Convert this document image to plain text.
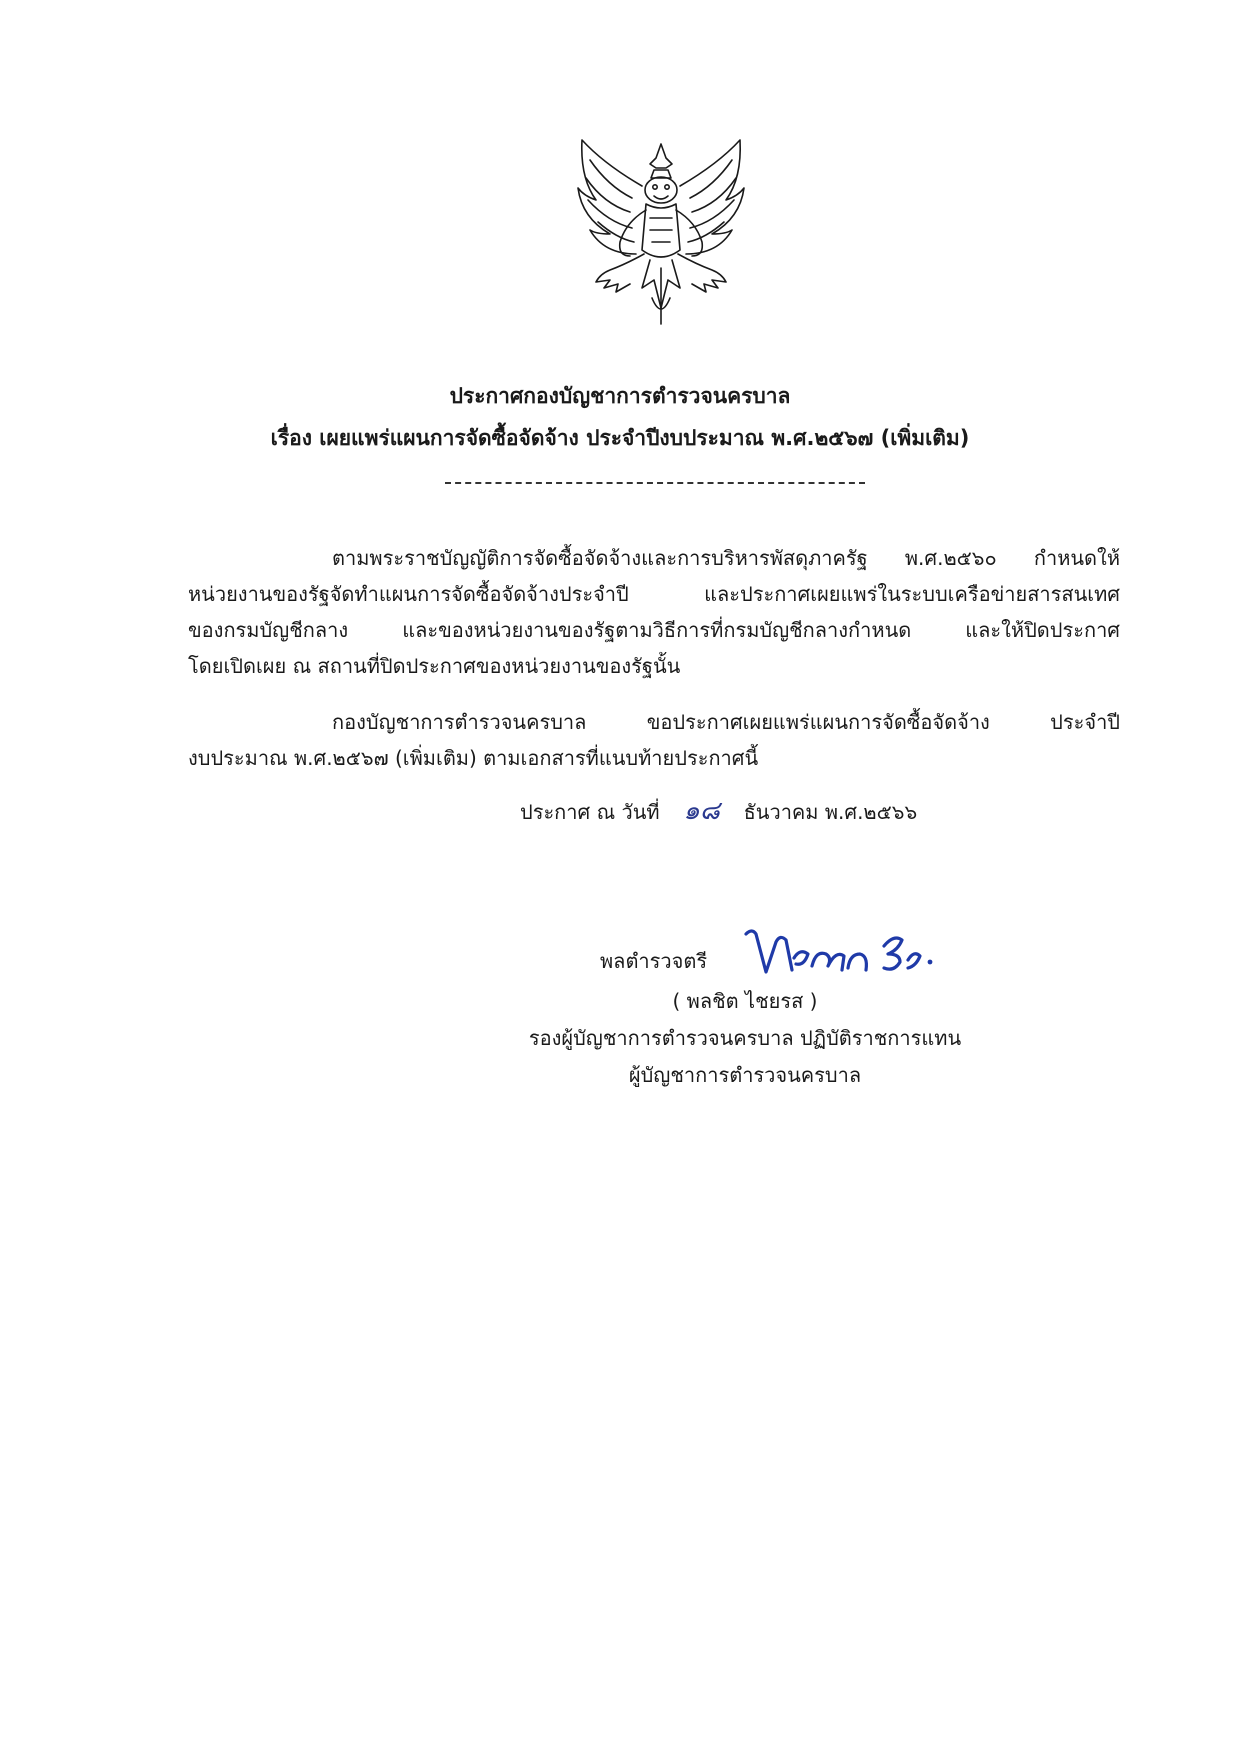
ประกาศกองบัญชาการตำรวจนครบาล
เรื่อง เผยแพร่แผนการจัดซื้อจัดจ้าง ประจำปีงบประมาณ พ.ศ.๒๕๖๗ (เพิ่มเติม)
ตามพระราชบัญญัติการจัดซื้อจัดจ้างและการบริหารพัสดุภาครัฐ พ.ศ.๒๕๖๐ กำหนดให้
หน่วยงานของรัฐจัดทำแผนการจัดซื้อจัดจ้างประจำปี และประกาศเผยแพร่ในระบบเครือข่ายสารสนเทศ
ของกรมบัญชีกลาง และของหน่วยงานของรัฐตามวิธีการที่กรมบัญชีกลางกำหนด และให้ปิดประกาศ
โดยเปิดเผย ณ สถานที่ปิดประกาศของหน่วยงานของรัฐนั้น
กองบัญชาการตำรวจนครบาล ขอประกาศเผยแพร่แผนการจัดซื้อจัดจ้าง ประจำปี
งบประมาณ พ.ศ.๒๕๖๗ (เพิ่มเติม) ตามเอกสารที่แนบท้ายประกาศนี้
ประกาศ ณ วันที่ ๑๘ ธันวาคม พ.ศ.๒๕๖๖
พลตำรวจตรี
( พลชิต ไชยรส )
รองผู้บัญชาการตำรวจนครบาล ปฏิบัติราชการแทน
ผู้บัญชาการตำรวจนครบาล
